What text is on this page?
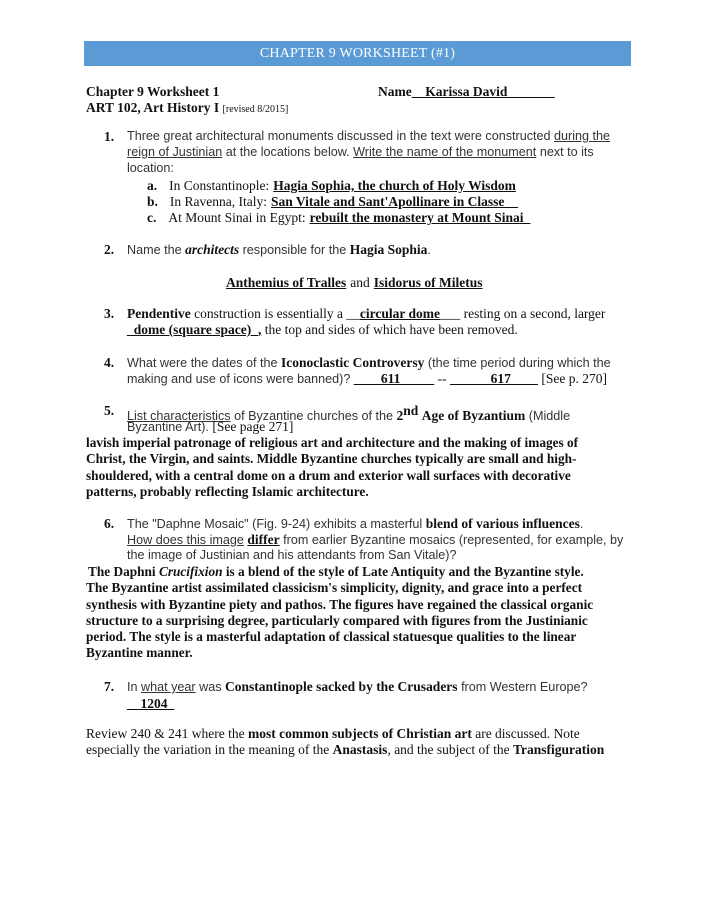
CHAPTER 9 WORKSHEET (#1)
Chapter 9 Worksheet 1	Name__Karissa David_______
ART 102, Art History I [revised 8/2015]
1. Three great architectural monuments discussed in the text were constructed during the
reign of Justinian at the locations below. Write the name of the monument next to its
location:
a. In Constantinople: Hagia Sophia, the church of Holy Wisdom
b. In Ravenna, Italy: San Vitale and Sant'Apollinare in Classe__
c. At Mount Sinai in Egypt: rebuilt the monastery at Mount Sinai_
2. Name the architects responsible for the Hagia Sophia.
Anthemius of Tralles and Isidorus of Miletus
3. Pendentive construction is essentially a __circular dome___ resting on a second, larger
_dome (square space)_, the top and sides of which have been removed.
4. What were the dates of the Iconoclastic Controversy (the time period during which the
making and use of icons were banned)? ____611_____ -- ______617____ [See p. 270]
5. List characteristics of Byzantine churches of the 2nd Age of Byzantium (Middle
Byzantine Art). [See page 271]
lavish imperial patronage of religious art and architecture and the making of images of
Christ, the Virgin, and saints. Middle Byzantine churches typically are small and high-
shouldered, with a central dome on a drum and exterior wall surfaces with decorative
patterns, probably reflecting Islamic architecture.
6. The "Daphne Mosaic" (Fig. 9-24) exhibits a masterful blend of various influences.
How does this image differ from earlier Byzantine mosaics (represented, for example, by
the image of Justinian and his attendants from San Vitale)?
The Daphni Crucifixion is a blend of the style of Late Antiquity and the Byzantine style.
The Byzantine artist assimilated classicism's simplicity, dignity, and grace into a perfect
synthesis with Byzantine piety and pathos. The figures have regained the classical organic
structure to a surprising degree, particularly compared with figures from the Justinianic
period. The style is a masterful adaptation of classical statuesque qualities to the linear
Byzantine manner.
7. In what year was Constantinople sacked by the Crusaders from Western Europe?
__1204_
Review 240 & 241 where the most common subjects of Christian art are discussed. Note
especially the variation in the meaning of the Anastasis, and the subject of the Transfiguration
